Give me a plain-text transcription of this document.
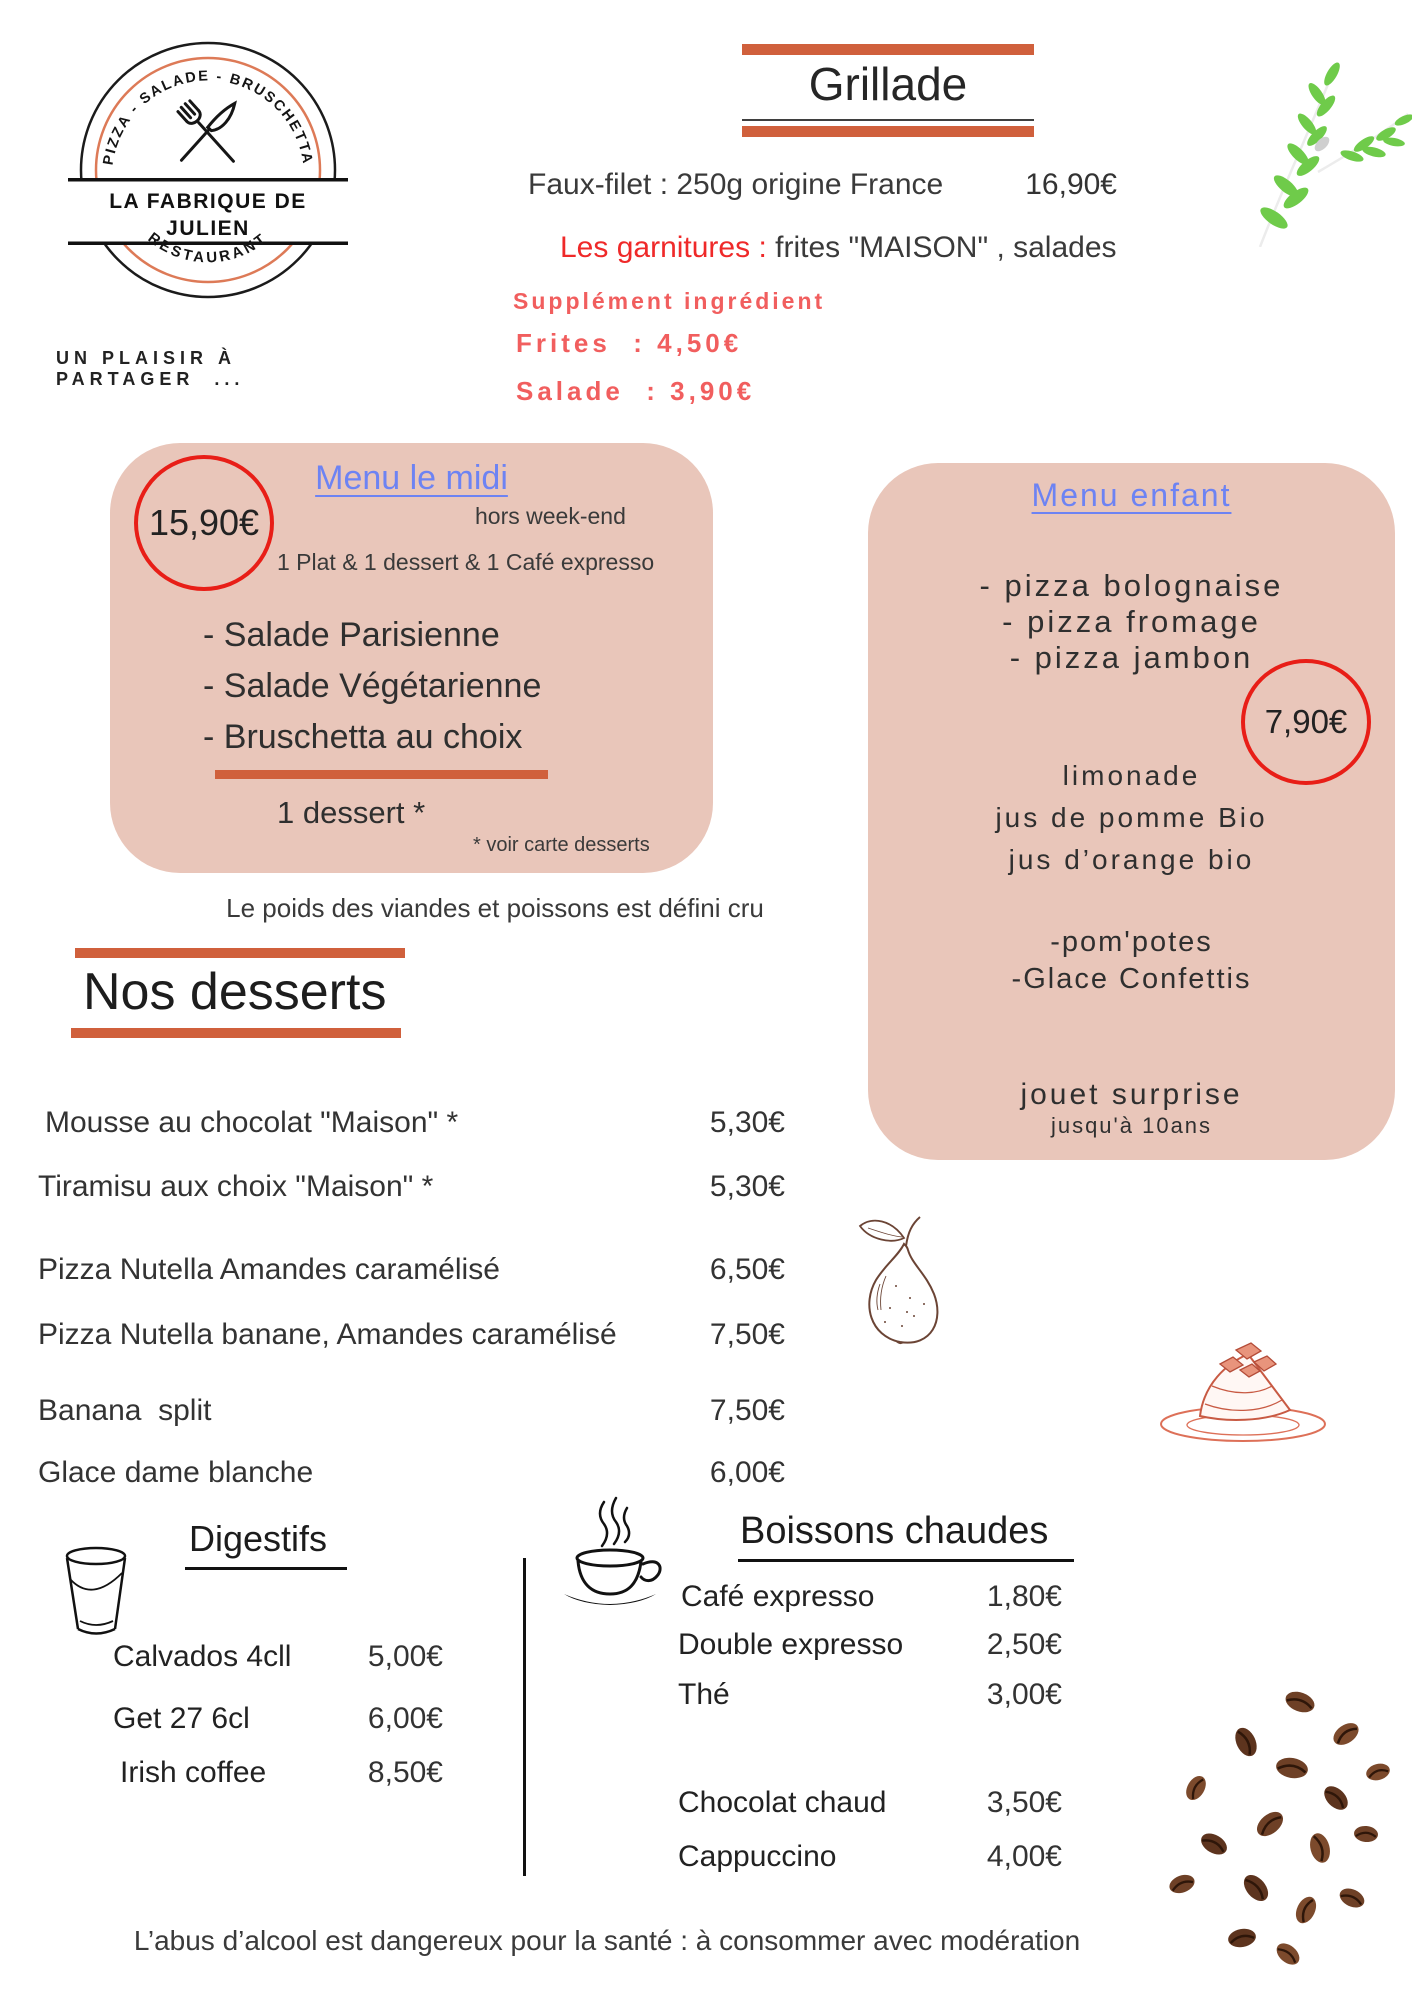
PIZZA - SALADE - BRUSCHETTA
LA FABRIQUE DE
JULIEN
RESTAURANT
UN PLAISIR À  PARTAGER  ...
Grillade
Faux-filet : 250g origine France	16,90€
Les garnitures : frites "MAISON" , salades
Supplément ingrédient
Frites  : 4,50€
Salade  : 3,90€
Menu le midi
15,90€	hors week-end
1 Plat & 1 dessert & 1 Café expresso
- Salade Parisienne
- Salade Végétarienne
- Bruschetta au choix
1 dessert *
* voir carte desserts
Menu enfant
- pizza bolognaise
- pizza fromage
- pizza jambon
7,90€
limonade
jus de pomme Bio
jus d’orange bio
-pom'potes
-Glace Confettis
jouet surprise
jusqu'à 10ans
Le poids des viandes et poissons est défini cru
Nos desserts
Mousse au chocolat "Maison" *	5,30€
Tiramisu aux choix "Maison" *	5,30€
Pizza Nutella Amandes caramélisé	6,50€
Pizza Nutella banane, Amandes caramélisé	7,50€
Banana  split	7,50€
Glace dame blanche	6,00€
Digestifs
Calvados 4cll	5,00€
Get 27 6cl	6,00€
Irish coffee	8,50€
Boissons chaudes
Café expresso	1,80€
Double expresso	2,50€
Thé	3,00€
Chocolat chaud	3,50€
Cappuccino	4,00€
L’abus d’alcool est dangereux pour la santé : à consommer avec modération
